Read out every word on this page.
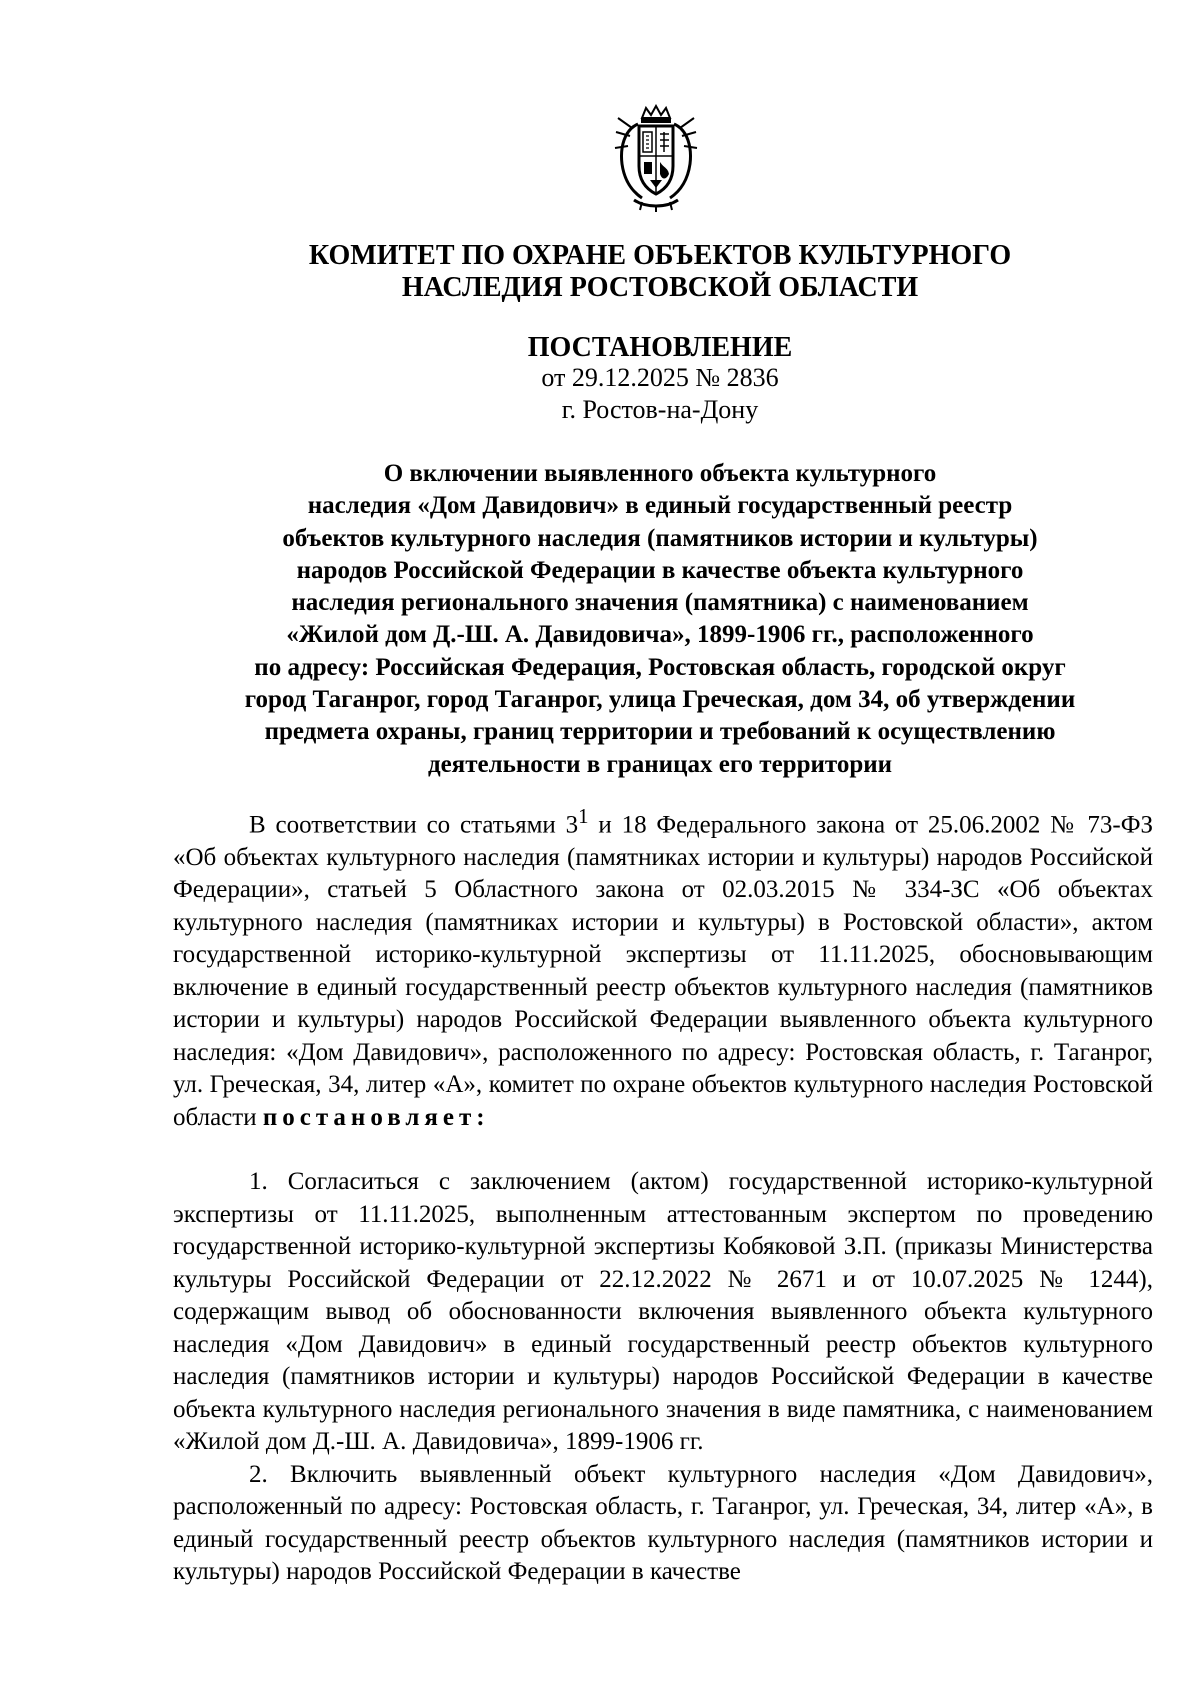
КОМИТЕТ ПО ОХРАНЕ ОБЪЕКТОВ КУЛЬТУРНОГО
НАСЛЕДИЯ РОСТОВСКОЙ ОБЛАСТИ
ПОСТАНОВЛЕНИЕ
от 29.12.2025 № 2836
г. Ростов-на-Дону
О включении выявленного объекта культурного
наследия «Дом Давидович» в единый государственный реестр
объектов культурного наследия (памятников истории и культуры)
народов Российской Федерации в качестве объекта культурного
наследия регионального значения (памятника) с наименованием
«Жилой дом Д.-Ш. А. Давидовича», 1899-1906 гг., расположенного
по адресу: Российская Федерация, Ростовская область, городской округ
город Таганрог, город Таганрог, улица Греческая, дом 34, об утверждении
предмета охраны, границ территории и требований к осуществлению
деятельности в границах его территории

В соответствии со статьями $3^1$ и 18 Федерального закона от 25.06.2002 № 73-ФЗ «Об объектах культурного наследия (памятниках истории и культуры) народов Российской Федерации», статьей 5 Областного закона от 02.03.2015 № 334-ЗС «Об объектах культурного наследия (памятниках истории и культуры) в Ростовской области», актом государственной историко-культурной экспертизы от 11.11.2025, обосновывающим включение в единый государственный реестр объектов культурного наследия (памятников истории и культуры) народов Российской Федерации выявленного объекта культурного наследия: «Дом Давидович», расположенного по адресу: Ростовская область, г. Таганрог, ул. Греческая, 34, литер «А», комитет по охране объектов культурного наследия Ростовской области постановляет:

1. Согласиться с заключением (актом) государственной историко-культурной экспертизы от 11.11.2025, выполненным аттестованным экспертом по проведению государственной историко-культурной экспертизы Кобяковой З.П. (приказы Министерства культуры Российской Федерации от 22.12.2022 № 2671 и от 10.07.2025 № 1244), содержащим вывод об обоснованности включения выявленного объекта культурного наследия «Дом Давидович» в единый государственный реестр объектов культурного наследия (памятников истории и культуры) народов Российской Федерации в качестве объекта культурного наследия регионального значения в виде памятника, с наименованием «Жилой дом Д.-Ш. А. Давидовича», 1899-1906 гг.

2. Включить выявленный объект культурного наследия «Дом Давидович», расположенный по адресу: Ростовская область, г. Таганрог, ул. Греческая, 34, литер «А», в единый государственный реестр объектов культурного наследия (памятников истории и культуры) народов Российской Федерации в качестве
